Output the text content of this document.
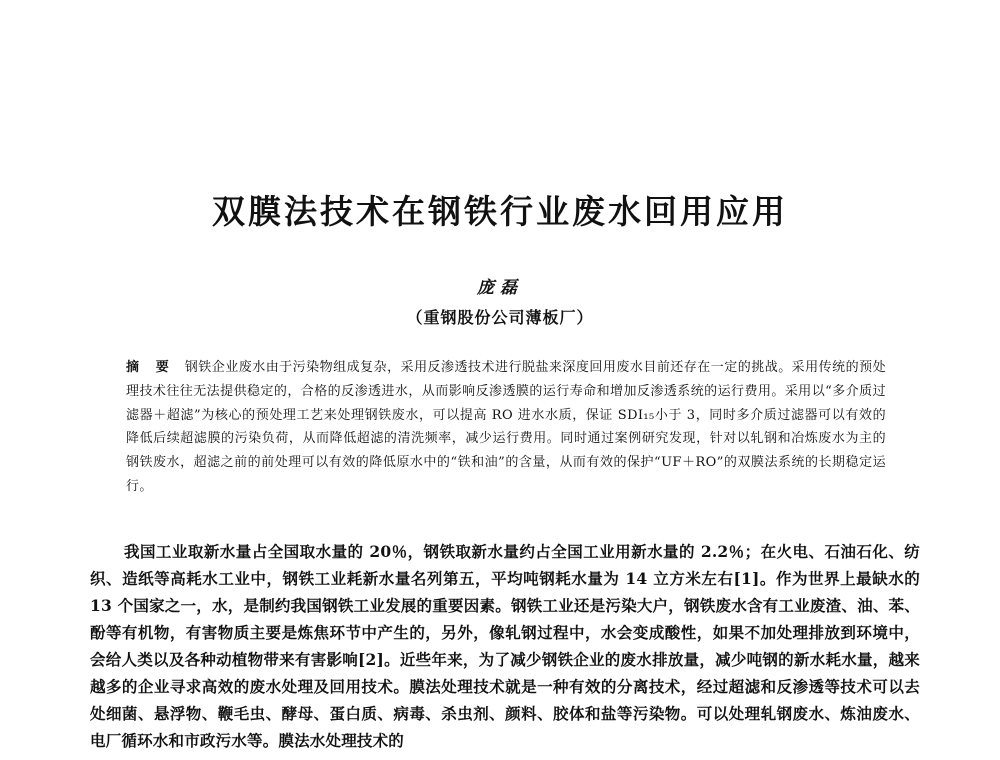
双膜法技术在钢铁行业废水回用应用
庞磊
（重钢股份公司薄板厂）
摘 要 钢铁企业废水由于污染物组成复杂，采用反渗透技术进行脱盐来深度回用废水目前还存在一定的挑战。采用传统的预处理技术往往无法提供稳定的，合格的反渗透进水，从而影响反渗透膜的运行寿命和增加反渗透系统的运行费用。采用以“多介质过滤器＋超滤”为核心的预处理工艺来处理钢铁废水，可以提高 RO 进水水质，保证 SDI₁₅小于 3，同时多介质过滤器可以有效的降低后续超滤膜的污染负荷，从而降低超滤的清洗频率，减少运行费用。同时通过案例研究发现，针对以轧钢和冶炼废水为主的钢铁废水，超滤之前的前处理可以有效的降低原水中的“铁和油”的含量，从而有效的保护“UF＋RO”的双膜法系统的长期稳定运行。
我国工业取新水量占全国取水量的 20％，钢铁取新水量约占全国工业用新水量的 2.2％；在火电、石油石化、纺织、造纸等高耗水工业中，钢铁工业耗新水量名列第五，平均吨钢耗水量为 14 立方米左右[1]。作为世界上最缺水的 13 个国家之一，水，是制约我国钢铁工业发展的重要因素。钢铁工业还是污染大户，钢铁废水含有工业废渣、油、苯、酚等有机物，有害物质主要是炼焦环节中产生的，另外，像轧钢过程中，水会变成酸性，如果不加处理排放到环境中，会给人类以及各种动植物带来有害影响[2]。近些年来，为了减少钢铁企业的废水排放量，减少吨钢的新水耗水量，越来越多的企业寻求高效的废水处理及回用技术。膜法处理技术就是一种有效的分离技术，经过超滤和反渗透等技术可以去处细菌、悬浮物、鞭毛虫、酵母、蛋白质、病毒、杀虫剂、颜料、胶体和盐等污染物。可以处理轧钢废水、炼油废水、电厂循环水和市政污水等。膜法水处理技术的
